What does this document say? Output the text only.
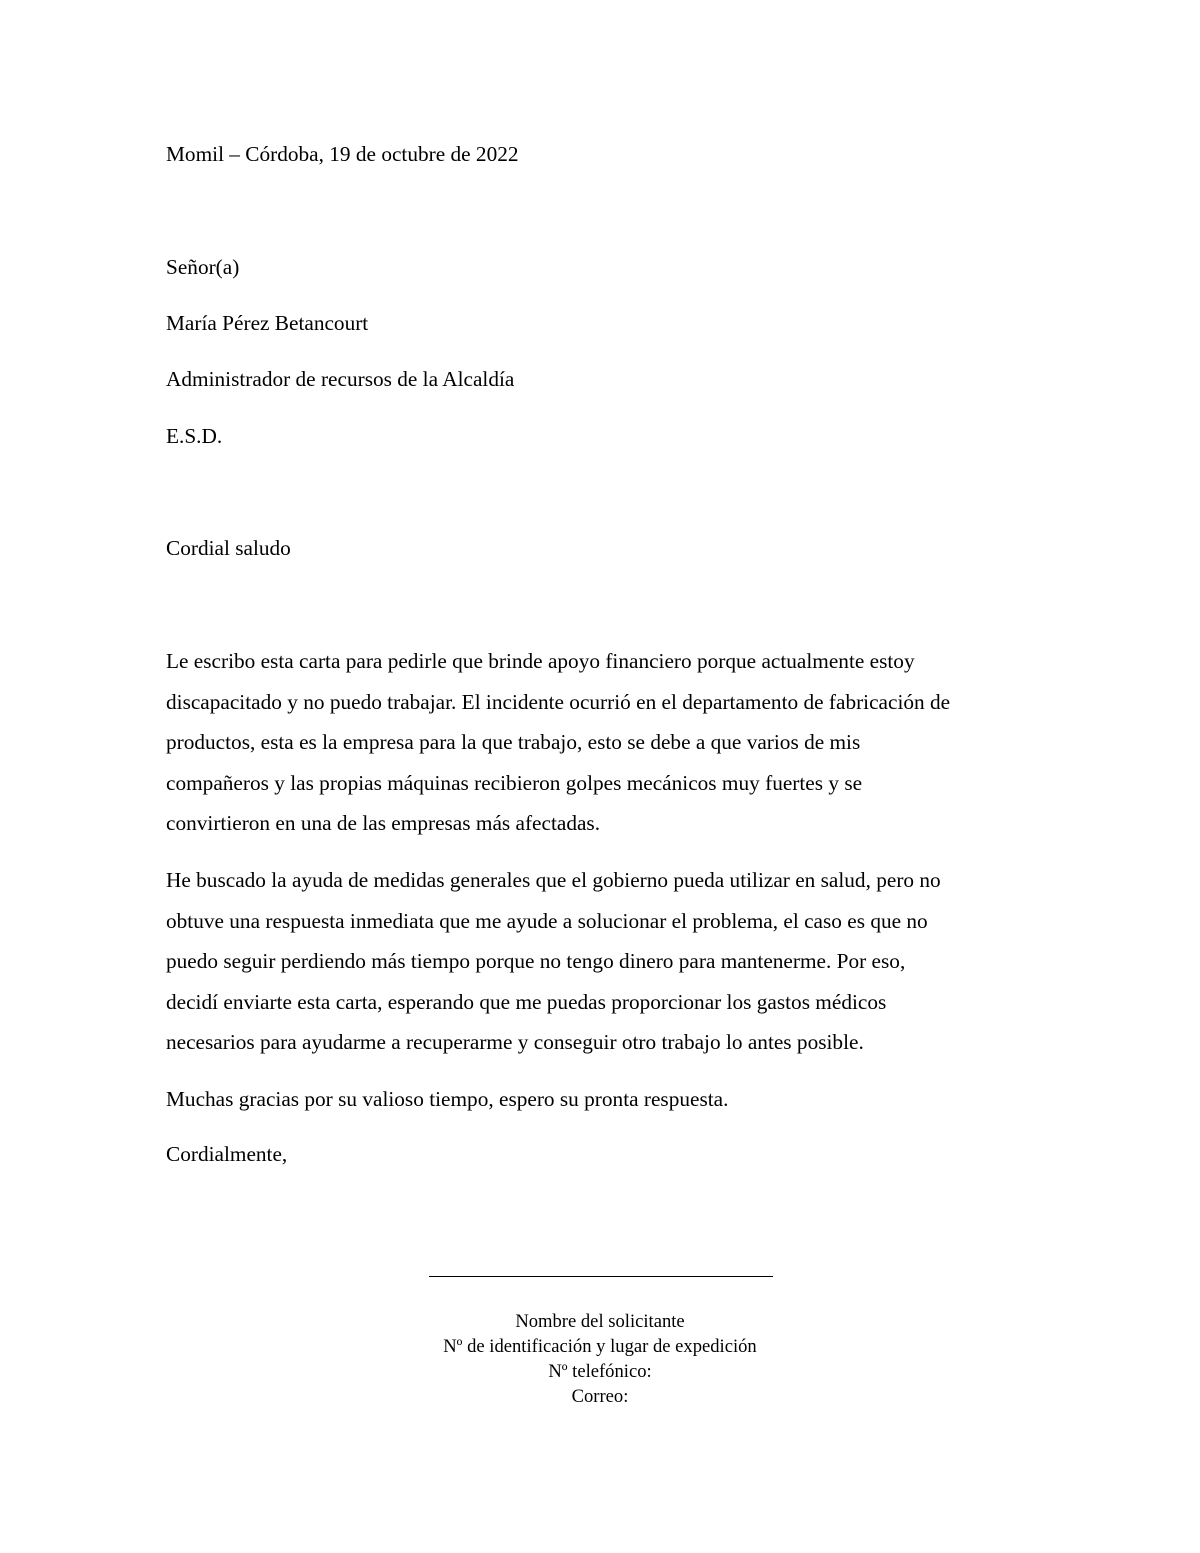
Momil – Córdoba, 19 de octubre de 2022
Señor(a)
María Pérez Betancourt
Administrador de recursos de la Alcaldía
E.S.D.
Cordial saludo

Le escribo esta carta para pedirle que brinde apoyo financiero porque actualmente estoy

discapacitado y no puedo trabajar. El incidente ocurrió en el departamento de fabricación de

productos, esta es la empresa para la que trabajo, esto se debe a que varios de mis

compañeros y las propias máquinas recibieron golpes mecánicos muy fuertes y se

convirtieron en una de las empresas más afectadas.

He buscado la ayuda de medidas generales que el gobierno pueda utilizar en salud, pero no

obtuve una respuesta inmediata que me ayude a solucionar el problema, el caso es que no

puedo seguir perdiendo más tiempo porque no tengo dinero para mantenerme. Por eso,

decidí enviarte esta carta, esperando que me puedas proporcionar los gastos médicos

necesarios para ayudarme a recuperarme y conseguir otro trabajo lo antes posible.

Muchas gracias por su valioso tiempo, espero su pronta respuesta.
Cordialmente,
Nombre del solicitante
Nº de identificación y lugar de expedición
Nº telefónico:
Correo:
